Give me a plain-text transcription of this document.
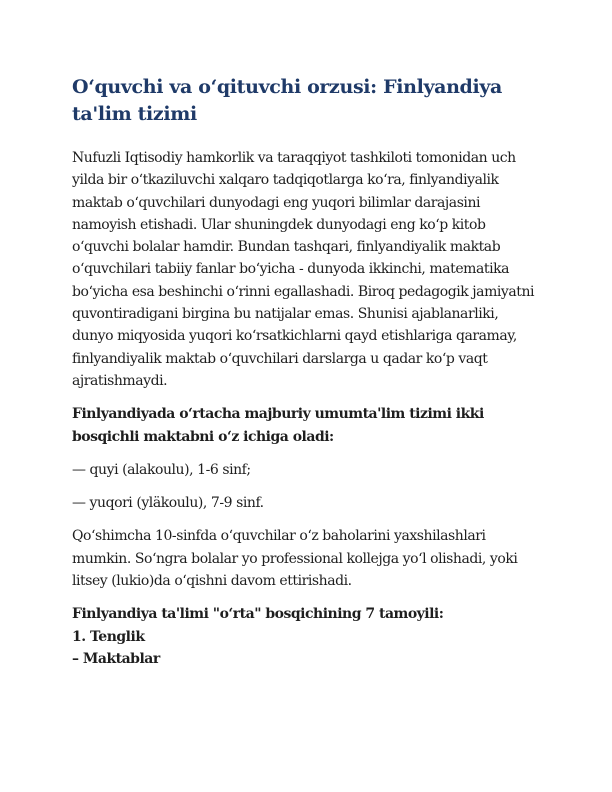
O‘quvchi va o‘qituvchi orzusi: Finlyandiya ta'lim tizimi

Nufuzli Iqtisodiy hamkorlik va taraqqiyot tashkiloti tomonidan uch yilda bir o‘tkaziluvchi xalqaro tadqiqotlarga ko‘ra, finlyandiyalik maktab o‘quvchilari dunyodagi eng yuqori bilimlar darajasini namoyish etishadi. Ular shuningdek dunyodagi eng ko‘p kitob o‘quvchi bolalar hamdir. Bundan tashqari, finlyandiyalik maktab o‘quvchilari tabiiy fanlar bo‘yicha - dunyoda ikkinchi, matematika bo‘yicha esa beshinchi o‘rinni egallashadi. Biroq pedagogik jamiyatni quvontiradigani birgina bu natijalar emas. Shunisi ajablanarliki, dunyo miqyosida yuqori ko‘rsatkichlarni qayd etishlariga qaramay, finlyandiyalik maktab o‘quvchilari darslarga u qadar ko‘p vaqt ajratishmaydi.

Finlyandiyada o‘rtacha majburiy umumta'lim tizimi ikki bosqichli maktabni o‘z ichiga oladi:

— quyi (alakoulu), 1-6 sinf;

— yuqori (yläkoulu), 7-9 sinf.

Qo‘shimcha 10-sinfda o‘quvchilar o‘z baholarini yaxshilashlari mumkin. So‘ngra bolalar yo professional kollejga yo‘l olishadi, yoki litsey (lukio)da o‘qishni davom ettirishadi.

Finlyandiya ta'limi "o‘rta" bosqichining 7 tamoyili:
1. Tenglik
– Maktablar
